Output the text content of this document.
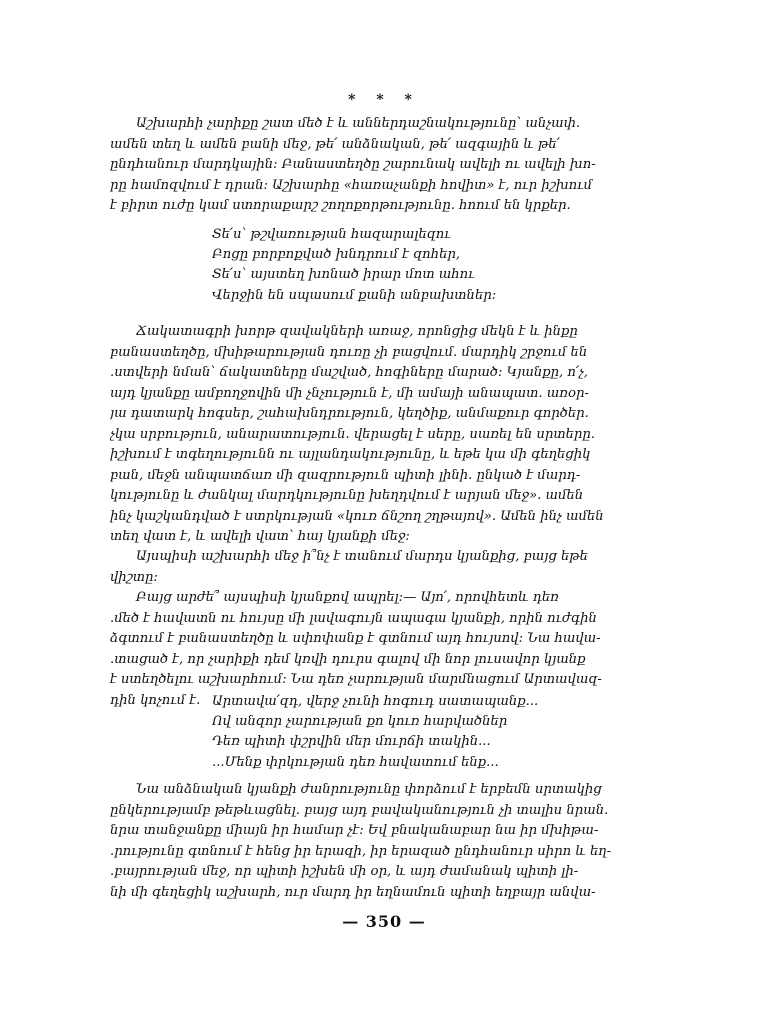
* * *
Աշխարհի չարիքը շատ մեծ է և աններդաշնակությունը՝ անչափ.
ամեն տեղ և ամեն բանի մեջ, թե՛ անձնական, թե՛ ազգային և թե՛
ընդհանուր մարդկային։ Բանաստեղծը շարունակ ավելի ու ավելի խո-
րը համոզվում է դրան։ Աշխարհը «հառաչանքի հովիտ» է, ուր իշխում
է բիրտ ուժը կամ ստորաքարշ շողոքորթությունը. հոում են կրքեր.
Տե՛ս՝ թշվառության հազարալեզու
Բոցը բորբոքված խնդրում է զոհեր,
Տե՛ս՝ այստեղ խոնած իրար մոտ ահու
Վերջին են սպասում քանի անբախտներ։
Ճակատագրի խորթ զավակների առաջ, որոնցից մեկն է և ինքը
բանաստեղծը, մխիթարության դուռը չի բացվում. մարդիկ շրջում են
.ստվերի նման՝ ճակատները մաշված, հոգիները մարած։ Կյանքը, ո՛չ,
այդ կյանքը ամբողջովին մի չնչություն է, մի ամայի անապատ. առօր-
յա դատարկ հոգսեր, շահախնդրություն, կեղծիք, անմաքուր գործեր.
չկա սրբություն, անարատություն. վերացել է սերը, սառել են սրտերը.
իշխում է տգեղությունն ու այլանդակությունը, և եթե կա մի գեղեցիկ
բան, մեջն անպատճառ մի զազրություն պիտի լինի. ընկած է մարդ-
կությունը և ժանկալ մարդկությունը խեղդվում է արյան մեջ». ամեն
ինչ կաշկանդված է ստրկության «կուռ ճնշող շղթայով». Ամեն ինչ ամեն
տեղ վատ է, և ավելի վատ՝ հայ կյանքի մեջ։
Այսպիսի աշխարհի մեջ ի՞նչ է տանում մարդս կյանքից, բայց եթե
վիշտը։
Բայց արժե՞ այսպիսի կյանքով ապրել։— Այո՛, որովհետև դեռ
.մեծ է հավատն ու հույսը մի լավագույն ապագա կյանքի, որին ուժգին
ձգտում է բանաստեղծը և սփոփանք է գտնում այդ հույսով։ Նա հավա-
.տացած է, որ չարիքի դեմ կռվի դուրս գալով մի նոր լուսավոր կյանք
է ստեղծելու աշխարհում։ Նա դեռ չարության մարմնացում Արտավազ-
դին կոչում է. Արտավա՛զդ, վերջ չունի հոգուդ սատապանք...
Ով անզոր չարության քո կուռ հարվածներ
Դեռ պիտի փշրվին մեր մուրճի տակին...
...Մենք փրկության դեռ հավատում ենք...
Նա անձնական կյանքի ժանրությունը փորձում է երբեմն սրտակից
ընկերությամբ թեթևացնել. բայց այդ բավականություն չի տալիս նրան.
նրա տանջանքը միայն իր համար չէ։ Եվ բնականաբար նա իր մխիթա-
.րությունը գտնում է հենց իր երազի, իր երազած ընդհանուր սիրո և եղ-
.բայրության մեջ, որ պիտի իշխեն մի օր, և այդ ժամանակ պիտի լի-
նի մի գեղեցիկ աշխարհ, ուր մարդ իր եղնամուն պիտի եղբայր անվա-
— 350 —
